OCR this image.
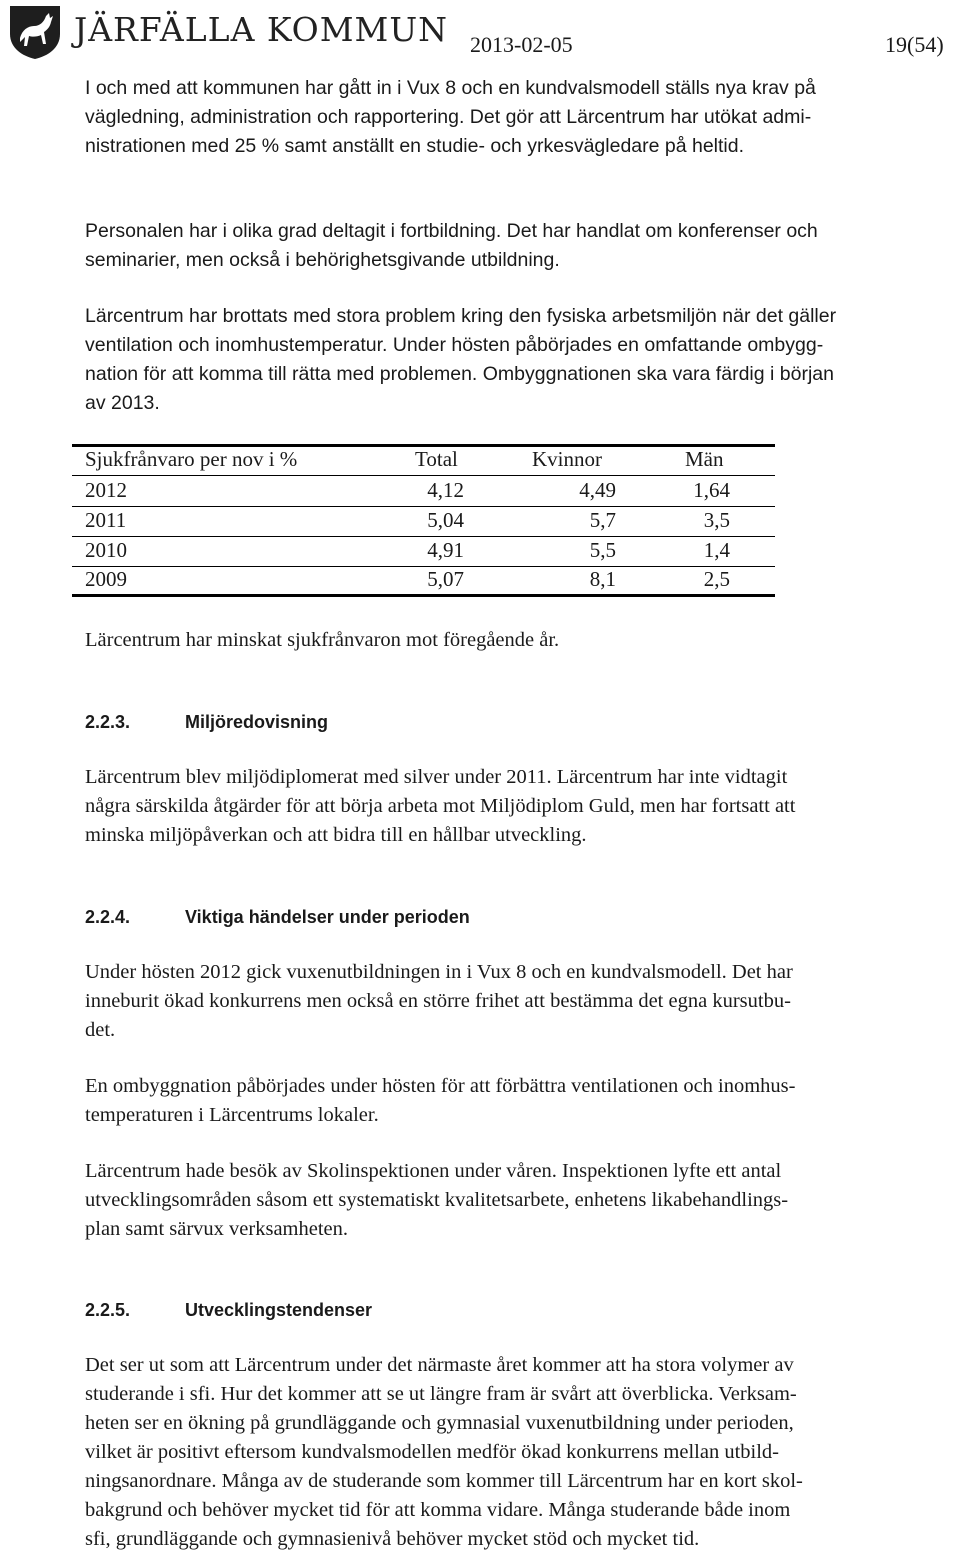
JÄRFÄLLA KOMMUN 2013-02-05	19(54)
I och med att kommunen har gått in i Vux 8 och en kundvalsmodell ställs nya krav på
vägledning, administration och rapportering. Det gör att Lärcentrum har utökat admi-
nistrationen med 25 % samt anställt en studie- och yrkesvägledare på heltid.
Personalen har i olika grad deltagit i fortbildning. Det har handlat om konferenser och
seminarier, men också i behörighetsgivande utbildning.
Lärcentrum har brottats med stora problem kring den fysiska arbetsmiljön när det gäller
ventilation och inomhustemperatur. Under hösten påbörjades en omfattande ombygg-
nation för att komma till rätta med problemen. Ombyggnationen ska vara färdig i början
av 2013.
Sjukfrånvaro per nov i %	Total	Kvinnor	Män
2012	4,12	4,49	1,64
2011	5,04	5,7	3,5
2010	4,91	5,5	1,4
2009	5,07	8,1	2,5
Lärcentrum har minskat sjukfrånvaron mot föregående år.
2.2.3.	Miljöredovisning
Lärcentrum blev miljödiplomerat med silver under 2011. Lärcentrum har inte vidtagit
några särskilda åtgärder för att börja arbeta mot Miljödiplom Guld, men har fortsatt att
minska miljöpåverkan och att bidra till en hållbar utveckling.
2.2.4.	Viktiga händelser under perioden
Under hösten 2012 gick vuxenutbildningen in i Vux 8 och en kundvalsmodell. Det har
inneburit ökad konkurrens men också en större frihet att bestämma det egna kursutbu-
det.
En ombyggnation påbörjades under hösten för att förbättra ventilationen och inomhus-
temperaturen i Lärcentrums lokaler.
Lärcentrum hade besök av Skolinspektionen under våren. Inspektionen lyfte ett antal
utvecklingsområden såsom ett systematiskt kvalitetsarbete, enhetens likabehandlings-
plan samt särvux verksamheten.
2.2.5.	Utvecklingstendenser
Det ser ut som att Lärcentrum under det närmaste året kommer att ha stora volymer av
studerande i sfi. Hur det kommer att se ut längre fram är svårt att överblicka. Verksam-
heten ser en ökning på grundläggande och gymnasial vuxenutbildning under perioden,
vilket är positivt eftersom kundvalsmodellen medför ökad konkurrens mellan utbild-
ningsanordnare. Många av de studerande som kommer till Lärcentrum har en kort skol-
bakgrund och behöver mycket tid för att komma vidare. Många studerande både inom
sfi, grundläggande och gymnasienivå behöver mycket stöd och mycket tid.
